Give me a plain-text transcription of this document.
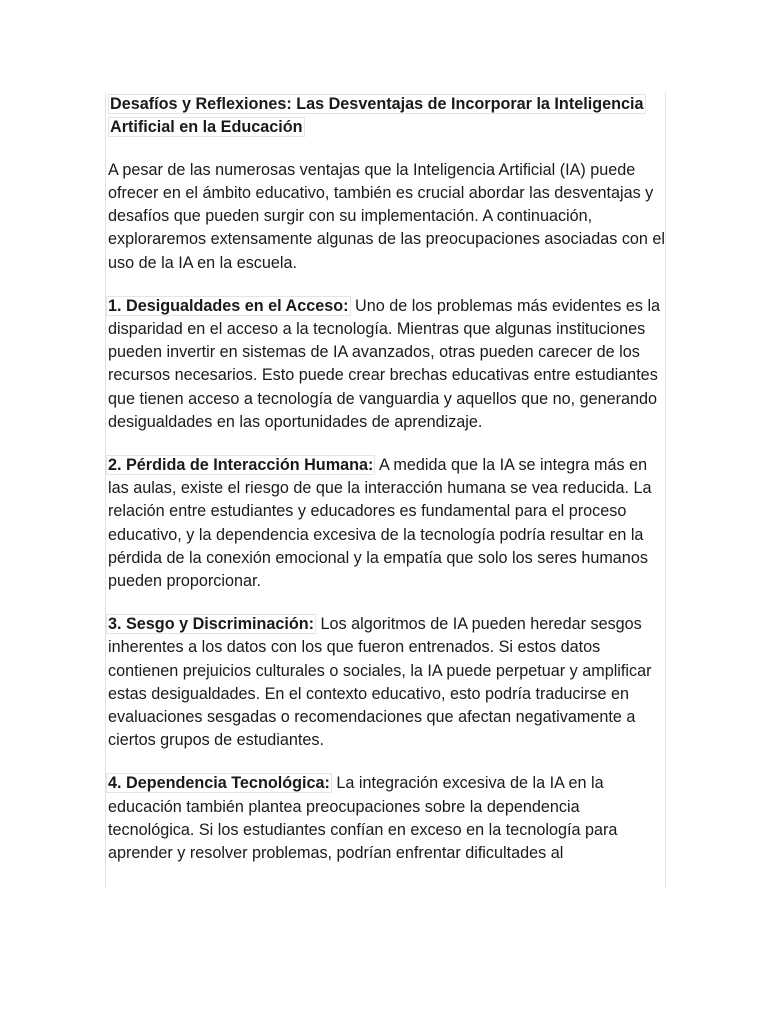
Desafíos y Reflexiones: Las Desventajas de Incorporar la Inteligencia Artificial en la Educación

A pesar de las numerosas ventajas que la Inteligencia Artificial (IA) puede ofrecer en el ámbito educativo, también es crucial abordar las desventajas y desafíos que pueden surgir con su implementación. A continuación, exploraremos extensamente algunas de las preocupaciones asociadas con el uso de la IA en la escuela.

1. Desigualdades en el Acceso: Uno de los problemas más evidentes es la disparidad en el acceso a la tecnología. Mientras que algunas instituciones pueden invertir en sistemas de IA avanzados, otras pueden carecer de los recursos necesarios. Esto puede crear brechas educativas entre estudiantes que tienen acceso a tecnología de vanguardia y aquellos que no, generando desigualdades en las oportunidades de aprendizaje.

2. Pérdida de Interacción Humana: A medida que la IA se integra más en las aulas, existe el riesgo de que la interacción humana se vea reducida. La relación entre estudiantes y educadores es fundamental para el proceso educativo, y la dependencia excesiva de la tecnología podría resultar en la pérdida de la conexión emocional y la empatía que solo los seres humanos pueden proporcionar.

3. Sesgo y Discriminación: Los algoritmos de IA pueden heredar sesgos inherentes a los datos con los que fueron entrenados. Si estos datos contienen prejuicios culturales o sociales, la IA puede perpetuar y amplificar estas desigualdades. En el contexto educativo, esto podría traducirse en evaluaciones sesgadas o recomendaciones que afectan negativamente a ciertos grupos de estudiantes.

4. Dependencia Tecnológica: La integración excesiva de la IA en la educación también plantea preocupaciones sobre la dependencia tecnológica. Si los estudiantes confían en exceso en la tecnología para aprender y resolver problemas, podrían enfrentar dificultades al
